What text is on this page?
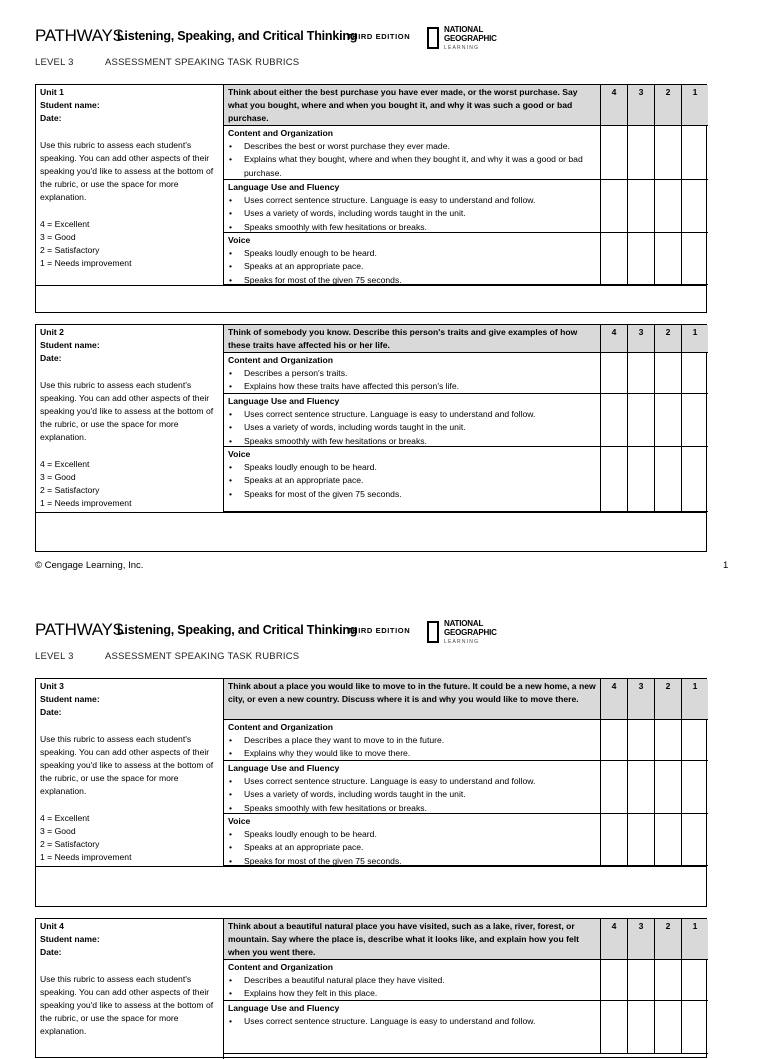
PATHWAYS
Listening, Speaking, and Critical Thinking
THIRD EDITION
NATIONAL
GEOGRAPHIC
LEARNING
LEVEL 3	ASSESSMENT SPEAKING TASK RUBRICS
Unit 1
Student name:
Date:
Use this rubric to assess each student's speaking. You can add other aspects of their speaking you'd like to assess at the bottom of the rubric, or use the space for more explanation.
4 = Excellent
3 = Good
2 = Satisfactory
1 = Needs improvement
Think about either the best purchase you have ever made, or the worst purchase. Say what you bought, where and when you bought it, and why it was such a good or bad purchase.
4	3	2	1
Content and Organization
• Describes the best or worst purchase they ever made.
• Explains what they bought, where and when they bought it, and why it was a good or bad purchase.
Language Use and Fluency
• Uses correct sentence structure. Language is easy to understand and follow.
• Uses a variety of words, including words taught in the unit.
• Speaks smoothly with few hesitations or breaks.
Voice
• Speaks loudly enough to be heard.
• Speaks at an appropriate pace.
• Speaks for most of the given 75 seconds.
Unit 2
Student name:
Date:
Use this rubric to assess each student's speaking. You can add other aspects of their speaking you'd like to assess at the bottom of the rubric, or use the space for more explanation.
4 = Excellent
3 = Good
2 = Satisfactory
1 = Needs improvement
Think of somebody you know. Describe this person's traits and give examples of how these traits have affected his or her life.
4	3	2	1
Content and Organization
• Describes a person's traits.
• Explains how these traits have affected this person's life.
Language Use and Fluency
• Uses correct sentence structure. Language is easy to understand and follow.
• Uses a variety of words, including words taught in the unit.
• Speaks smoothly with few hesitations or breaks.
Voice
• Speaks loudly enough to be heard.
• Speaks at an appropriate pace.
• Speaks for most of the given 75 seconds.
© Cengage Learning, Inc.	1
PATHWAYS
Listening, Speaking, and Critical Thinking
THIRD EDITION
NATIONAL
GEOGRAPHIC
LEARNING
LEVEL 3	ASSESSMENT SPEAKING TASK RUBRICS
Unit 3
Student name:
Date:
Use this rubric to assess each student's speaking. You can add other aspects of their speaking you'd like to assess at the bottom of the rubric, or use the space for more explanation.
4 = Excellent
3 = Good
2 = Satisfactory
1 = Needs improvement
Think about a place you would like to move to in the future. It could be a new home, a new city, or even a new country. Discuss where it is and why you would like to move there.
4	3	2	1
Content and Organization
• Describes a place they want to move to in the future.
• Explains why they would like to move there.
Language Use and Fluency
• Uses correct sentence structure. Language is easy to understand and follow.
• Uses a variety of words, including words taught in the unit.
• Speaks smoothly with few hesitations or breaks.
Voice
• Speaks loudly enough to be heard.
• Speaks at an appropriate pace.
• Speaks for most of the given 75 seconds.
Unit 4
Student name:
Date:
Use this rubric to assess each student's speaking. You can add other aspects of their speaking you'd like to assess at the bottom of the rubric, or use the space for more explanation.
Think about a beautiful natural place you have visited, such as a lake, river, forest, or mountain. Say where the place is, describe what it looks like, and explain how you felt when you went there.
4	3	2	1
Content and Organization
• Describes a beautiful natural place they have visited.
• Explains how they felt in this place.
Language Use and Fluency
• Uses correct sentence structure. Language is easy to understand and follow.
